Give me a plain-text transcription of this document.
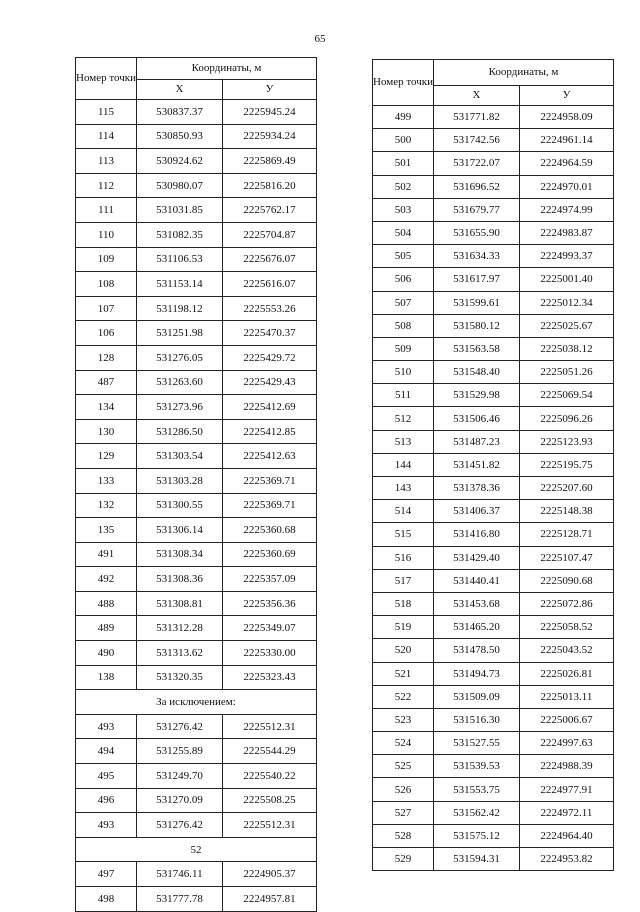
65
Номер точки	Координаты, м	
	X	У
115	530837.37	2225945.24
114	530850.93	2225934.24
113	530924.62	2225869.49
112	530980.07	2225816.20
111	531031.85	2225762.17
110	531082.35	2225704.87
109	531106.53	2225676.07
108	531153.14	2225616.07
107	531198.12	2225553.26
106	531251.98	2225470.37
128	531276.05	2225429.72
487	531263.60	2225429.43
134	531273.96	2225412.69
130	531286.50	2225412.85
129	531303.54	2225412.63
133	531303.28	2225369.71
132	531300.55	2225369.71
135	531306.14	2225360.68
491	531308.34	2225360.69
492	531308.36	2225357.09
488	531308.81	2225356.36
489	531312.28	2225349.07
490	531313.62	2225330.00
138	531320.35	2225323.43
За исключением:		
493	531276.42	2225512.31
494	531255.89	2225544.29
495	531249.70	2225540.22
496	531270.09	2225508.25
493	531276.42	2225512.31
52		
497	531746.11	2224905.37
498	531777.78	2224957.81
Номер точки	Координаты, м	
	X	У
499	531771.82	2224958.09
500	531742.56	2224961.14
501	531722.07	2224964.59
502	531696.52	2224970.01
503	531679.77	2224974.99
504	531655.90	2224983.87
505	531634.33	2224993.37
506	531617.97	2225001.40
507	531599.61	2225012.34
508	531580.12	2225025.67
509	531563.58	2225038.12
510	531548.40	2225051.26
511	531529.98	2225069.54
512	531506.46	2225096.26
513	531487.23	2225123.93
144	531451.82	2225195.75
143	531378.36	2225207.60
514	531406.37	2225148.38
515	531416.80	2225128.71
516	531429.40	2225107.47
517	531440.41	2225090.68
518	531453.68	2225072.86
519	531465.20	2225058.52
520	531478.50	2225043.52
521	531494.73	2225026.81
522	531509.09	2225013.11
523	531516.30	2225006.67
524	531527.55	2224997.63
525	531539.53	2224988.39
526	531553.75	2224977.91
527	531562.42	2224972.11
528	531575.12	2224964.40
529	531594.31	2224953.82
